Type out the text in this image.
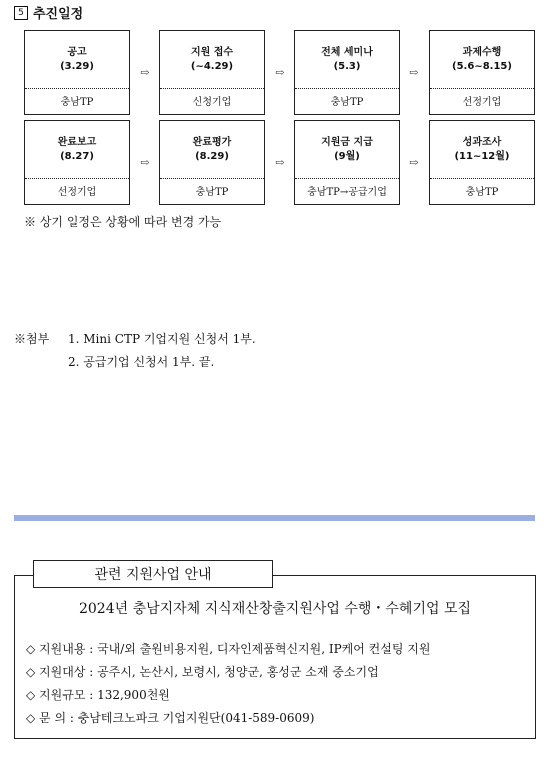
5 추진일정
공고
(3.29)
충남TP
⇨
지원 접수
(~4.29)
신청기업
⇨
전체 세미나
(5.3)
충남TP
⇨
과제수행
(5.6~8.15)
선정기업
완료보고
(8.27)
선정기업
⇨
완료평가
(8.29)
충남TP
⇨
지원금 지급
(9월)
충남TP→공급기업
⇨
성과조사
(11~12월)
충남TP
※ 상기 일정은 상황에 따라 변경 가능
※첨부 1. Mini CTP 기업지원 신청서 1부.
2. 공급기업 신청서 1부. 끝.
관련 지원사업 안내
2024년 충남지자체 지식재산창출지원사업 수행・수혜기업 모집
◇ 지원내용 : 국내/외 출원비용지원, 디자인제품혁신지원, IP케어 컨설팅 지원
◇ 지원대상 : 공주시, 논산시, 보령시, 청양군, 홍성군 소재 중소기업
◇ 지원규모 : 132,900천원
◇ 문 의 : 충남테크노파크 기업지원단(041-589-0609)
